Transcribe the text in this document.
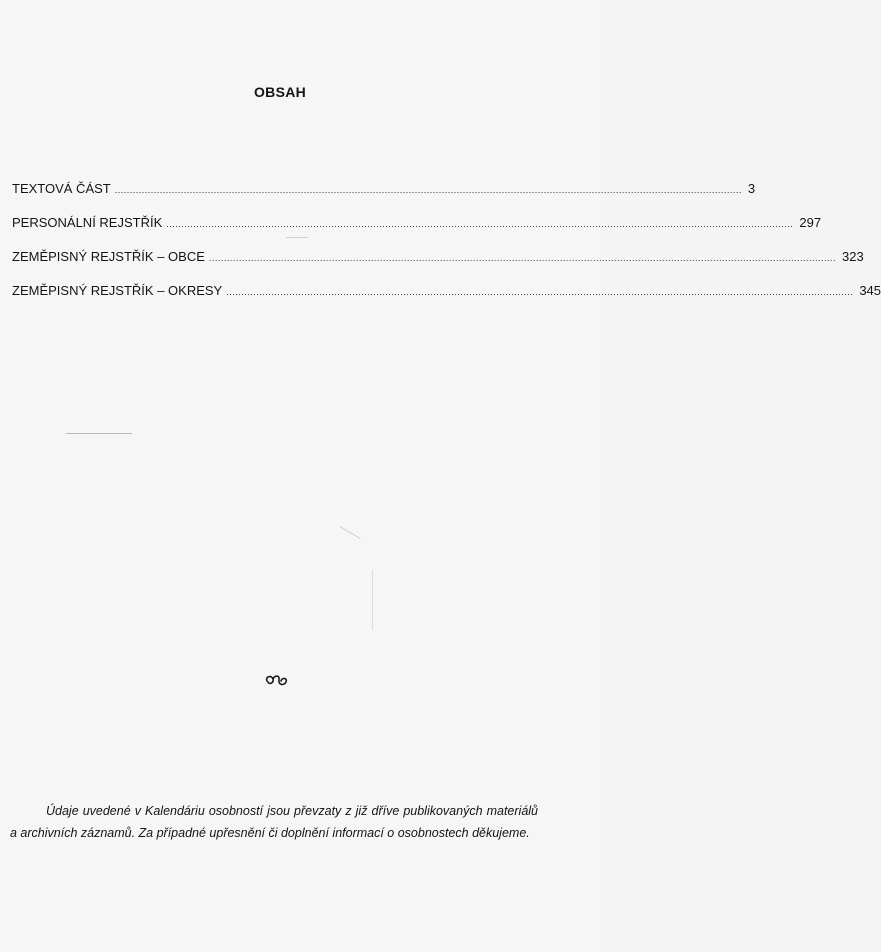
OBSAH
TEXTOVÁ ČÁST ................................................................................................................................................................................................................. 3
PERSONÁLNÍ REJSTŘÍK ................................................................................................................................................................................................................. 297
ZEMĚPISNÝ REJSTŘÍK – OBCE ................................................................................................................................................................................................................. 323
ZEMĚPISNÝ REJSTŘÍK – OKRESY ................................................................................................................................................................................................................. 345
Údaje uvedené v Kalendáriu osobností jsou převzaty z již dříve publikovaných materiálů a archivních záznamů. Za případné upřesnění či doplnění informací o osobnostech děkujeme.
